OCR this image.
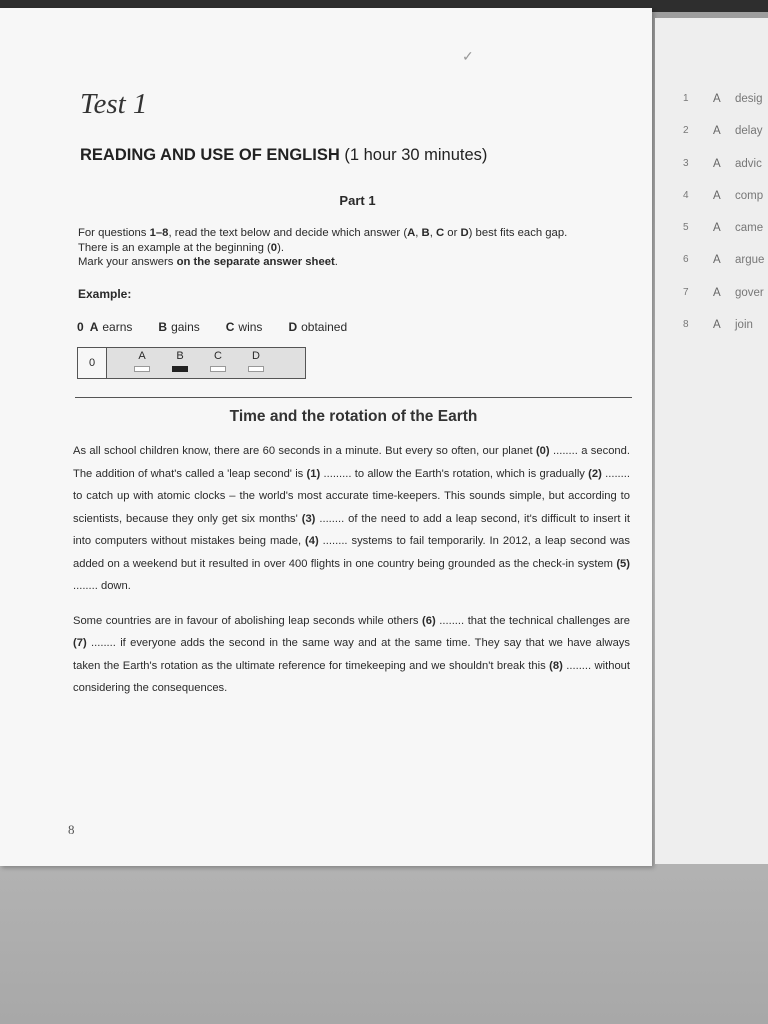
✓
Test 1
READING AND USE OF ENGLISH (1 hour 30 minutes)
Part 1

For questions 1–8, read the text below and decide which answer (A, B, C or D) best fits each gap.

There is an example at the beginning (0).

Mark your answers on the separate answer sheet.

Example:
0 A earns B gains C wins D obtained
0
A	B	C	D
Time and the rotation of the Earth

As all school children know, there are 60 seconds in a minute. But every so often, our planet (0) ........ a second. The addition of what's called a 'leap second' is (1) ......... to allow the Earth's rotation, which is gradually (2) ........ to catch up with atomic clocks – the world's most accurate time-keepers. This sounds simple, but according to scientists, because they only get six months' (3) ........ of the need to add a leap second, it's difficult to insert it into computers without mistakes being made, (4) ........ systems to fail temporarily. In 2012, a leap second was added on a weekend but it resulted in over 400 flights in one country being grounded as the check-in system (5) ........ down.

Some countries are in favour of abolishing leap seconds while others (6) ........ that the technical challenges are (7) ........ if everyone adds the second in the same way and at the same time. They say that we have always taken the Earth's rotation as the ultimate reference for timekeeping and we shouldn't break this (8) ........ without considering the consequences.

8
1	A	desig
2	A	delay
3	A	advic
4	A	comp
5	A	came
6	A	argue
7	A	gover
8	A	join
